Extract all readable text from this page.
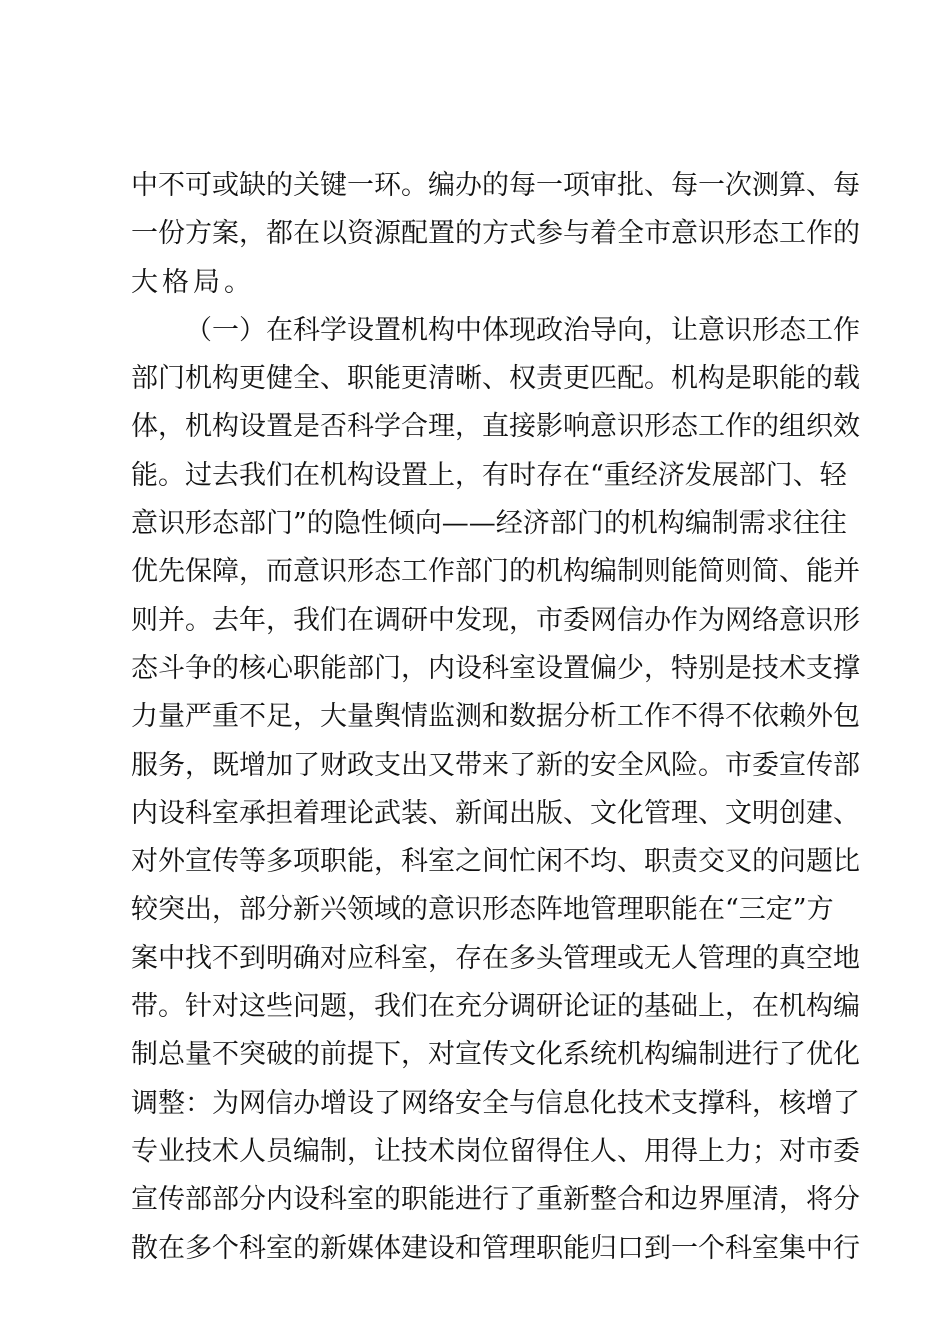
中不可或缺的关键一环。编办的每一项审批、每一次测算、每
一份方案，都在以资源配置的方式参与着全市意识形态工作的
大格局。
（一）在科学设置机构中体现政治导向，让意识形态工作
部门机构更健全、职能更清晰、权责更匹配。机构是职能的载
体，机构设置是否科学合理，直接影响意识形态工作的组织效
能。过去我们在机构设置上，有时存在“重经济发展部门、轻
意识形态部门”的隐性倾向——经济部门的机构编制需求往往
优先保障，而意识形态工作部门的机构编制则能简则简、能并
则并。去年，我们在调研中发现，市委网信办作为网络意识形
态斗争的核心职能部门，内设科室设置偏少，特别是技术支撑
力量严重不足，大量舆情监测和数据分析工作不得不依赖外包
服务，既增加了财政支出又带来了新的安全风险。市委宣传部
内设科室承担着理论武装、新闻出版、文化管理、文明创建、
对外宣传等多项职能，科室之间忙闲不均、职责交叉的问题比
较突出，部分新兴领域的意识形态阵地管理职能在“三定”方
案中找不到明确对应科室，存在多头管理或无人管理的真空地
带。针对这些问题，我们在充分调研论证的基础上，在机构编
制总量不突破的前提下，对宣传文化系统机构编制进行了优化
调整：为网信办增设了网络安全与信息化技术支撑科，核增了
专业技术人员编制，让技术岗位留得住人、用得上力；对市委
宣传部部分内设科室的职能进行了重新整合和边界厘清，将分
散在多个科室的新媒体建设和管理职能归口到一个科室集中行
